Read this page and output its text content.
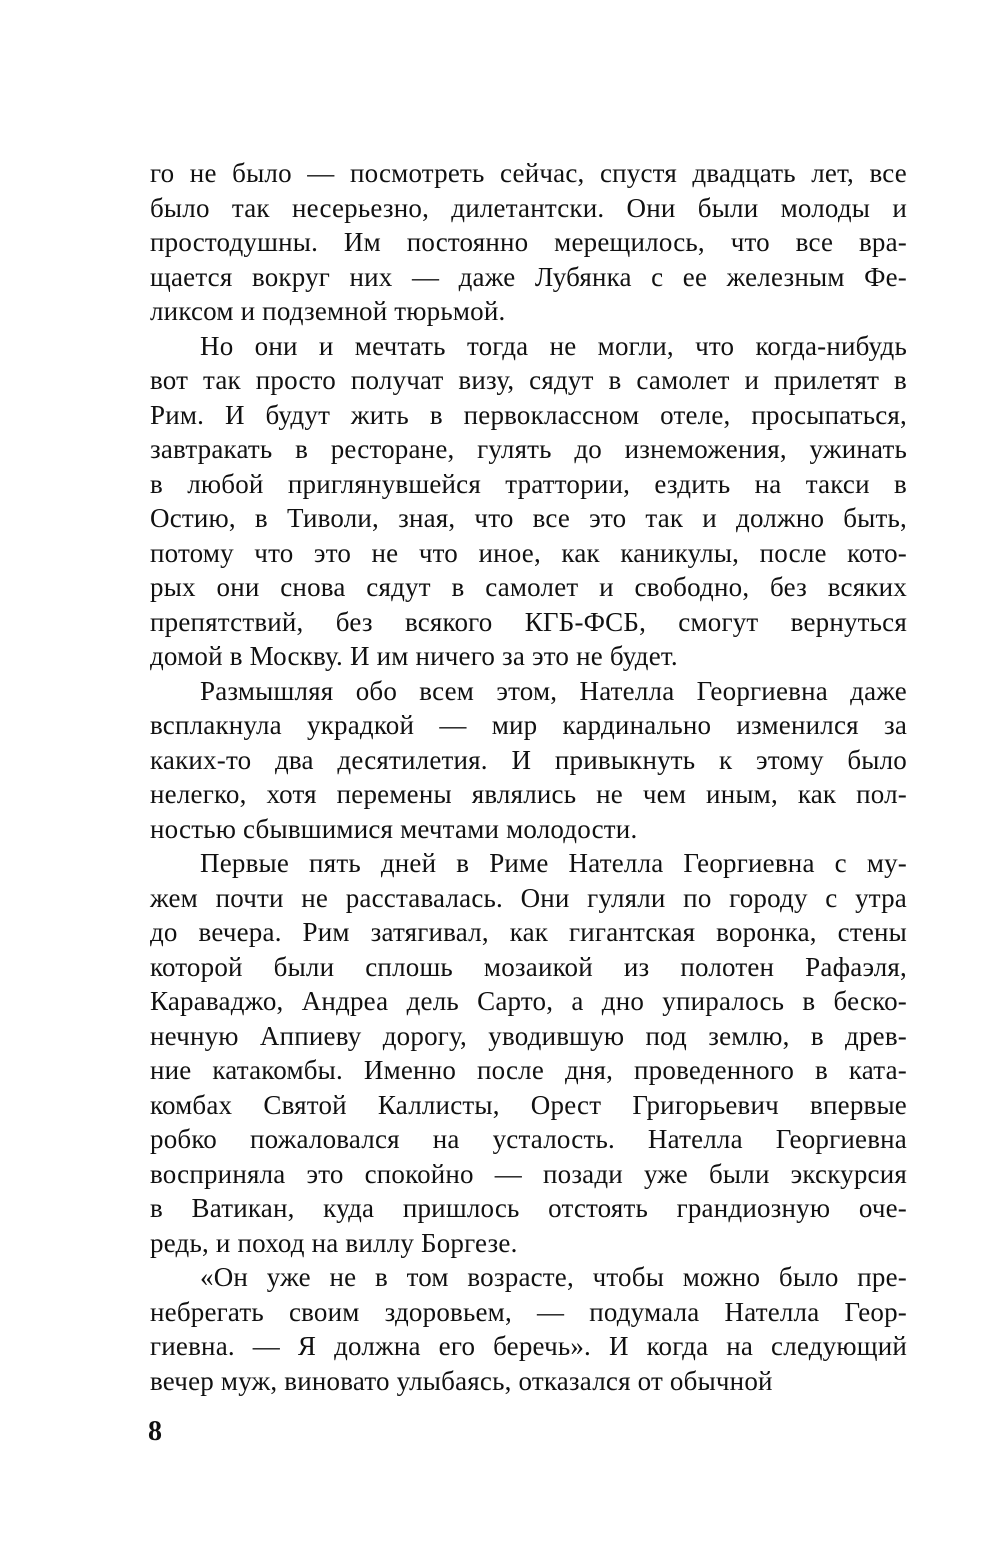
го не было — посмотреть сейчас, спустя двадцать лет, все
было так несерьезно, дилетантски. Они были молоды и
простодушны. Им постоянно мерещилось, что все вра-
щается вокруг них — даже Лубянка с ее железным Фе-
ликсом и подземной тюрьмой.
Но они и мечтать тогда не могли, что когда-нибудь
вот так просто получат визу, сядут в самолет и прилетят в
Рим. И будут жить в первоклассном отеле, просыпаться,
завтракать в ресторане, гулять до изнеможения, ужинать
в любой приглянувшейся траттории, ездить на такси в
Остию, в Тиволи, зная, что все это так и должно быть,
потому что это не что иное, как каникулы, после кото-
рых они снова сядут в самолет и свободно, без всяких
препятствий, без всякого КГБ-ФСБ, смогут вернуться
домой в Москву. И им ничего за это не будет.
Размышляя обо всем этом, Нателла Георгиевна даже
всплакнула украдкой — мир кардинально изменился за
каких-то два десятилетия. И привыкнуть к этому было
нелегко, хотя перемены являлись не чем иным, как пол-
ностью сбывшимися мечтами молодости.
Первые пять дней в Риме Нателла Георгиевна с му-
жем почти не расставалась. Они гуляли по городу с утра
до вечера. Рим затягивал, как гигантская воронка, стены
которой были сплошь мозаикой из полотен Рафаэля,
Караваджо, Андреа дель Сарто, а дно упиралось в беско-
нечную Аппиеву дорогу, уводившую под землю, в древ-
ние катакомбы. Именно после дня, проведенного в ката-
комбах Святой Каллисты, Орест Григорьевич впервые
робко пожаловался на усталость. Нателла Георгиевна
восприняла это спокойно — позади уже были экскурсия
в Ватикан, куда пришлось отстоять грандиозную оче-
редь, и поход на виллу Боргезе.
«Он уже не в том возрасте, чтобы можно было пре-
небрегать своим здоровьем, — подумала Нателла Геор-
гиевна. — Я должна его беречь». И когда на следующий
вечер муж, виновато улыбаясь, отказался от обычной
8
